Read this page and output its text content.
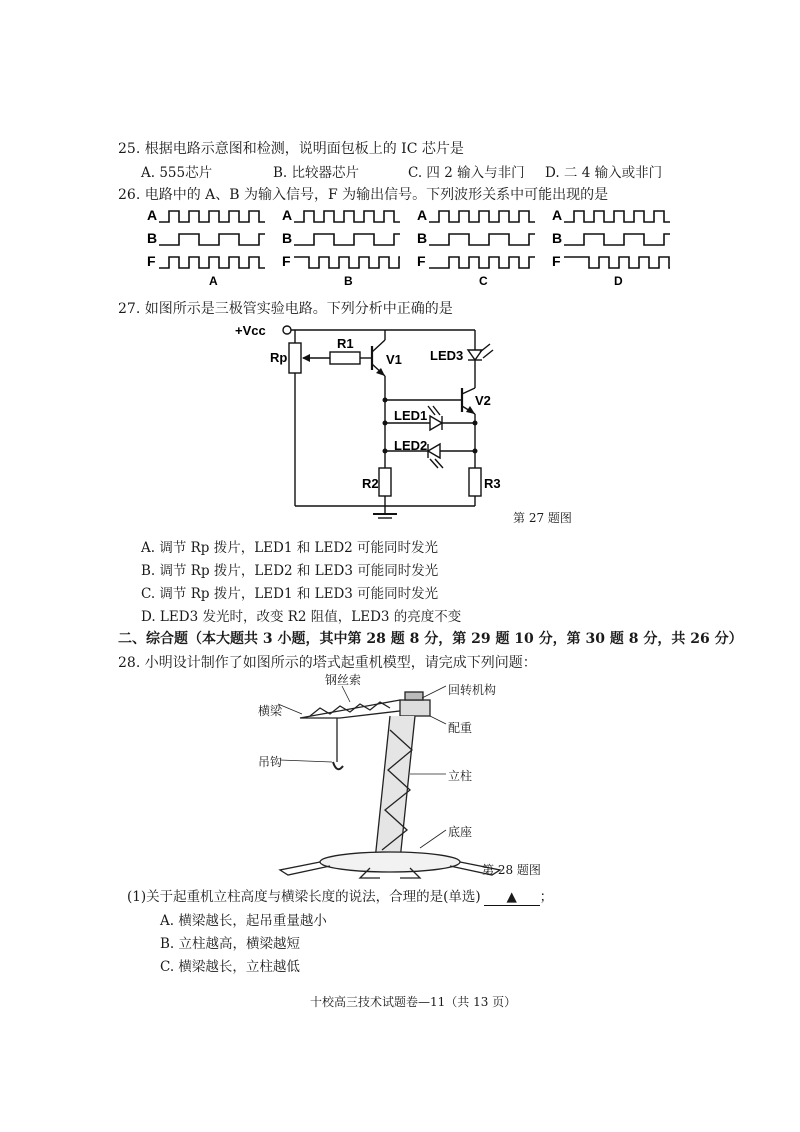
25. 根据电路示意图和检测，说明面包板上的 IC 芯片是
A. 555芯片	B. 比较器芯片	C. 四 2 输入与非门 D. 二 4 输入或非门
26. 电路中的 A、B 为输入信号，F 为输出信号。下列波形关系中可能出现的是
A
B
F
A
A
B
F
B
A
B
F
C
A
B
F
D
27. 如图所示是三极管实验电路。下列分析中正确的是
+Vcc
Rp
R1
V1 LED3
V2
LED1
LED2
R2	R3
第 27 题图
A. 调节 Rp 拨片，LED1 和 LED2 可能同时发光
B. 调节 Rp 拨片，LED2 和 LED3 可能同时发光
C. 调节 Rp 拨片，LED1 和 LED3 可能同时发光
D. LED3 发光时，改变 R2 阻值，LED3 的亮度不变
二、综合题（本大题共 3 小题，其中第 28 题 8 分，第 29 题 10 分，第 30 题 8 分，共 26 分）
28. 小明设计制作了如图所示的塔式起重机模型，请完成下列问题：
钢丝索
回转机构
横梁
配重
吊钩
立柱
底座
第 28 题图
(1)关于起重机立柱高度与横梁长度的说法，合理的是(单选) ▲ ；
A. 横梁越长，起吊重量越小
B. 立柱越高，横梁越短
C. 横梁越长，立柱越低
十校高三技术试题卷—11（共 13 页）
